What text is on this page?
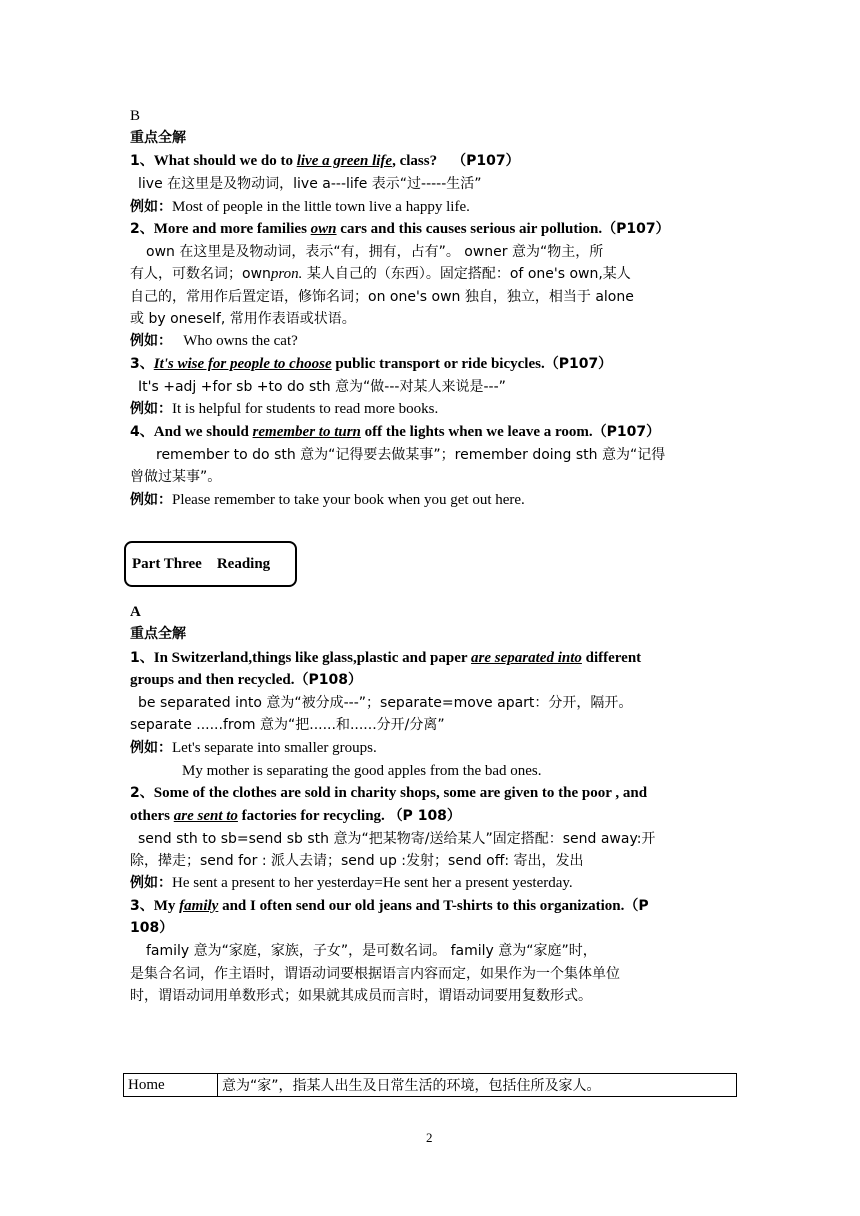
B
重点全解
1、What should we do to live a green life, class? （P107）
live 在这里是及物动词，live a---life 表示“过-----生活”
例如：Most of people in the little town live a happy life.
2、More and more families own cars and this causes serious air pollution.（P107）
own 在这里是及物动词，表示“有，拥有，占有”。 owner 意为“物主，所
有人，可数名词；ownpron. 某人自己的（东西）。固定搭配：of one's own,某人
自己的，常用作后置定语，修饰名词；on one's own 独自，独立，相当于 alone
或 by oneself, 常用作表语或状语。
例如： Who owns the cat?
3、It's wise for people to choose public transport or ride bicycles.（P107）
It's +adj +for sb +to do sth 意为“做---对某人来说是---”
例如：It is helpful for students to read more books.
4、And we should remember to turn off the lights when we leave a room.（P107）
remember to do sth 意为“记得要去做某事”；remember doing sth 意为“记得
曾做过某事”。
例如：Please remember to take your book when you get out here.
Part Three    Reading
A
重点全解
1、In Switzerland,things like glass,plastic and paper are separated into different
groups and then recycled.（P108）
be separated into 意为“被分成---”；separate=move apart：分开，隔开。
separate ......from 意为“把......和......分开/分离”
例如：Let's separate into smaller groups.
My mother is separating the good apples from the bad ones.
2、Some of the clothes are sold in charity shops, some are given to the poor , and
others are sent to factories for recycling. （P 108）
send sth to sb=send sb sth 意为“把某物寄/送给某人”固定搭配：send away:开
除，撵走；send for : 派人去请；send up :发射；send off: 寄出，发出
例如：He sent a present to her yesterday=He sent her a present yesterday.
3、My family and I often send our old jeans and T-shirts to this organization.（P
108）
family 意为“家庭，家族，子女”，是可数名词。 family 意为“家庭”时，
是集合名词，作主语时，谓语动词要根据语言内容而定，如果作为一个集体单位
时，谓语动词用单数形式；如果就其成员而言时，谓语动词要用复数形式。
Home	意为“家”，指某人出生及日常生活的环境，包括住所及家人。
2
